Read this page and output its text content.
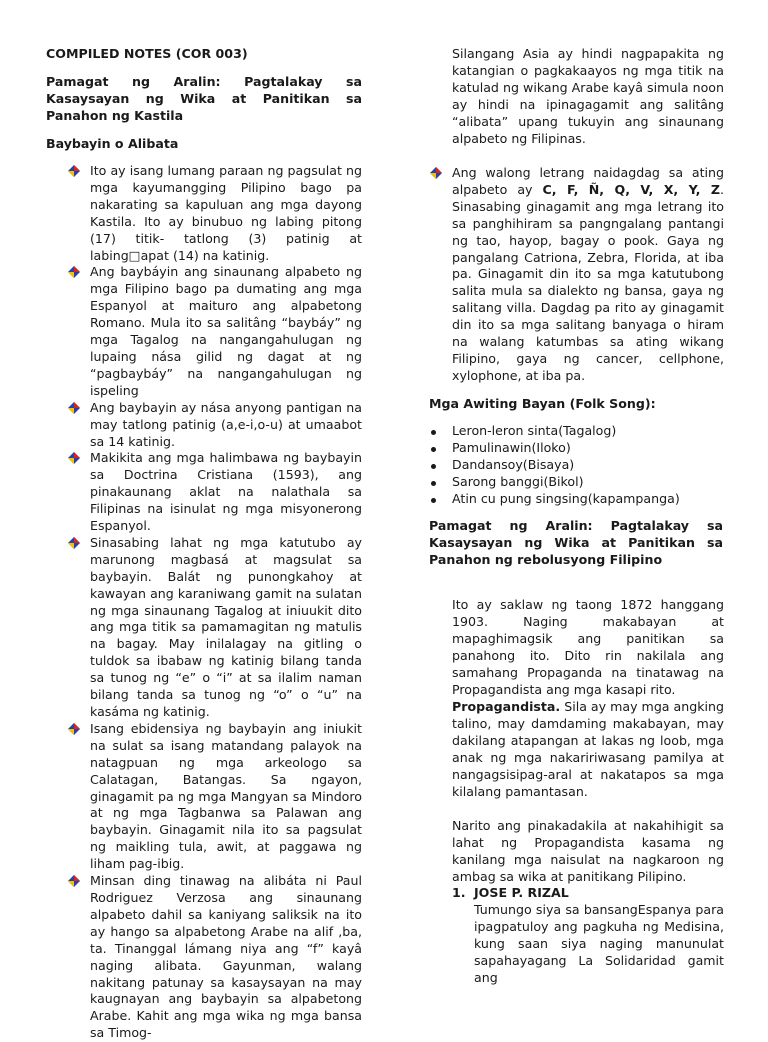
COMPILED NOTES (COR 003)

Pamagat ng Aralin: Pagtalakay sa Kasaysayan ng Wika at Panitikan sa Panahon ng Kastila

Baybayin o Alibata

Ito ay isang lumang paraan ng pagsulat ng mga kayumangging Pilipino bago pa nakarating sa kapuluan ang mga dayong Kastila. Ito ay binubuo ng labing pitong (17) titik- tatlong (3) patinig at labing□apat (14) na katinig.
Ang baybáyin ang sinaunang alpabeto ng mga Filipino bago pa dumating ang mga Espanyol at maituro ang alpabetong Romano. Mula ito sa salitâng “baybáy” ng mga Tagalog na nangangahulugan ng lupaing nása gilid ng dagat at ng “pagbaybáy” na nangangahulugan ng ispeling
Ang baybayin ay nása anyong pantigan na may tatlong patinig (a,e-i,o-u) at umaabot sa 14 katinig.
Makikita ang mga halimbawa ng baybayin sa Doctrina Cristiana (1593), ang pinakaunang aklat na nalathala sa Filipinas na isinulat ng mga misyonerong Espanyol.
Sinasabing lahat ng mga katutubo ay marunong magbasá at magsulat sa baybayin. Balát ng punongkahoy at kawayan ang karaniwang gamit na sulatan ng mga sinaunang Tagalog at iniuukit dito ang mga titik sa pamamagitan ng matulis na bagay. May inilalagay na gitling o tuldok sa ibabaw ng katinig bilang tanda sa tunog ng “e” o “i” at sa ilalim naman bilang tanda sa tunog ng “o” o “u” na kasáma ng katinig.
Isang ebidensiya ng baybayin ang iniukit na sulat sa isang matandang palayok na natagpuan ng mga arkeologo sa Calatagan, Batangas. Sa ngayon, ginagamit pa ng mga Mangyan sa Mindoro at ng mga Tagbanwa sa Palawan ang baybayin. Ginagamit nila ito sa pagsulat ng maikling tula, awit, at paggawa ng liham pag-ibig.
Minsan ding tinawag na alibáta ni Paul Rodriguez Verzosa ang sinaunang alpabeto dahil sa kaniyang saliksik na ito ay hango sa alpabetong Arabe na alif ,ba, ta. Tinanggal lámang niya ang “f” kayâ naging alibata. Gayunman, walang nakitang patunay sa kasaysayan na may kaugnayan ang baybayin sa alpabetong Arabe. Kahit ang mga wika ng mga bansa sa Timog-

Silangang Asia ay hindi nagpapakita ng katangian o pagkakaayos ng mga titik na katulad ng wikang Arabe kayâ simula noon ay hindi na ipinagagamit ang salitâng “alibata” upang tukuyin ang sinaunang alpabeto ng Filipinas.

Ang walong letrang naidagdag sa ating alpabeto ay C, F, Ñ, Q, V, X, Y, Z. Sinasabing ginagamit ang mga letrang ito sa panghihiram sa pangngalang pantangi ng tao, hayop, bagay o pook. Gaya ng pangalang Catriona, Zebra, Florida, at iba pa. Ginagamit din ito sa mga katutubong salita mula sa dialekto ng bansa, gaya ng salitang villa. Dagdag pa rito ay ginagamit din ito sa mga salitang banyaga o hiram na walang katumbas sa ating wikang Filipino, gaya ng cancer, cellphone, xylophone, at iba pa.

Mga Awiting Bayan (Folk Song):

Leron-leron sinta(Tagalog)
Pamulinawin(Iloko)
Dandansoy(Bisaya)
Sarong banggi(Bikol)
Atin cu pung singsing(kapampanga)

Pamagat ng Aralin: Pagtalakay sa Kasaysayan ng Wika at Panitikan sa Panahon ng rebolusyong Filipino

Ito ay saklaw ng taong 1872 hanggang 1903. Naging makabayan at mapaghimagsik ang panitikan sa panahong ito. Dito rin nakilala ang samahang Propaganda na tinatawag na Propagandista ang mga kasapi rito.

Propagandista. Sila ay may mga angking talino, may damdaming makabayan, may dakilang atapangan at lakas ng loob, mga anak ng mga nakaririwasang pamilya at nangagsisipag-aral at nakatapos sa mga kilalang pamantasan.

Narito ang pinakadakila at nakahihigit sa lahat ng Propagandista kasama ng kanilang mga naisulat na nagkaroon ng ambag sa wika at panitikang Pilipino.

1. JOSE P. RIZAL

Tumungo siya sa bansangEspanya para ipagpatuloy ang pagkuha ng Medisina, kung saan siya naging manunulat sapahayagang La Solidaridad gamit ang
